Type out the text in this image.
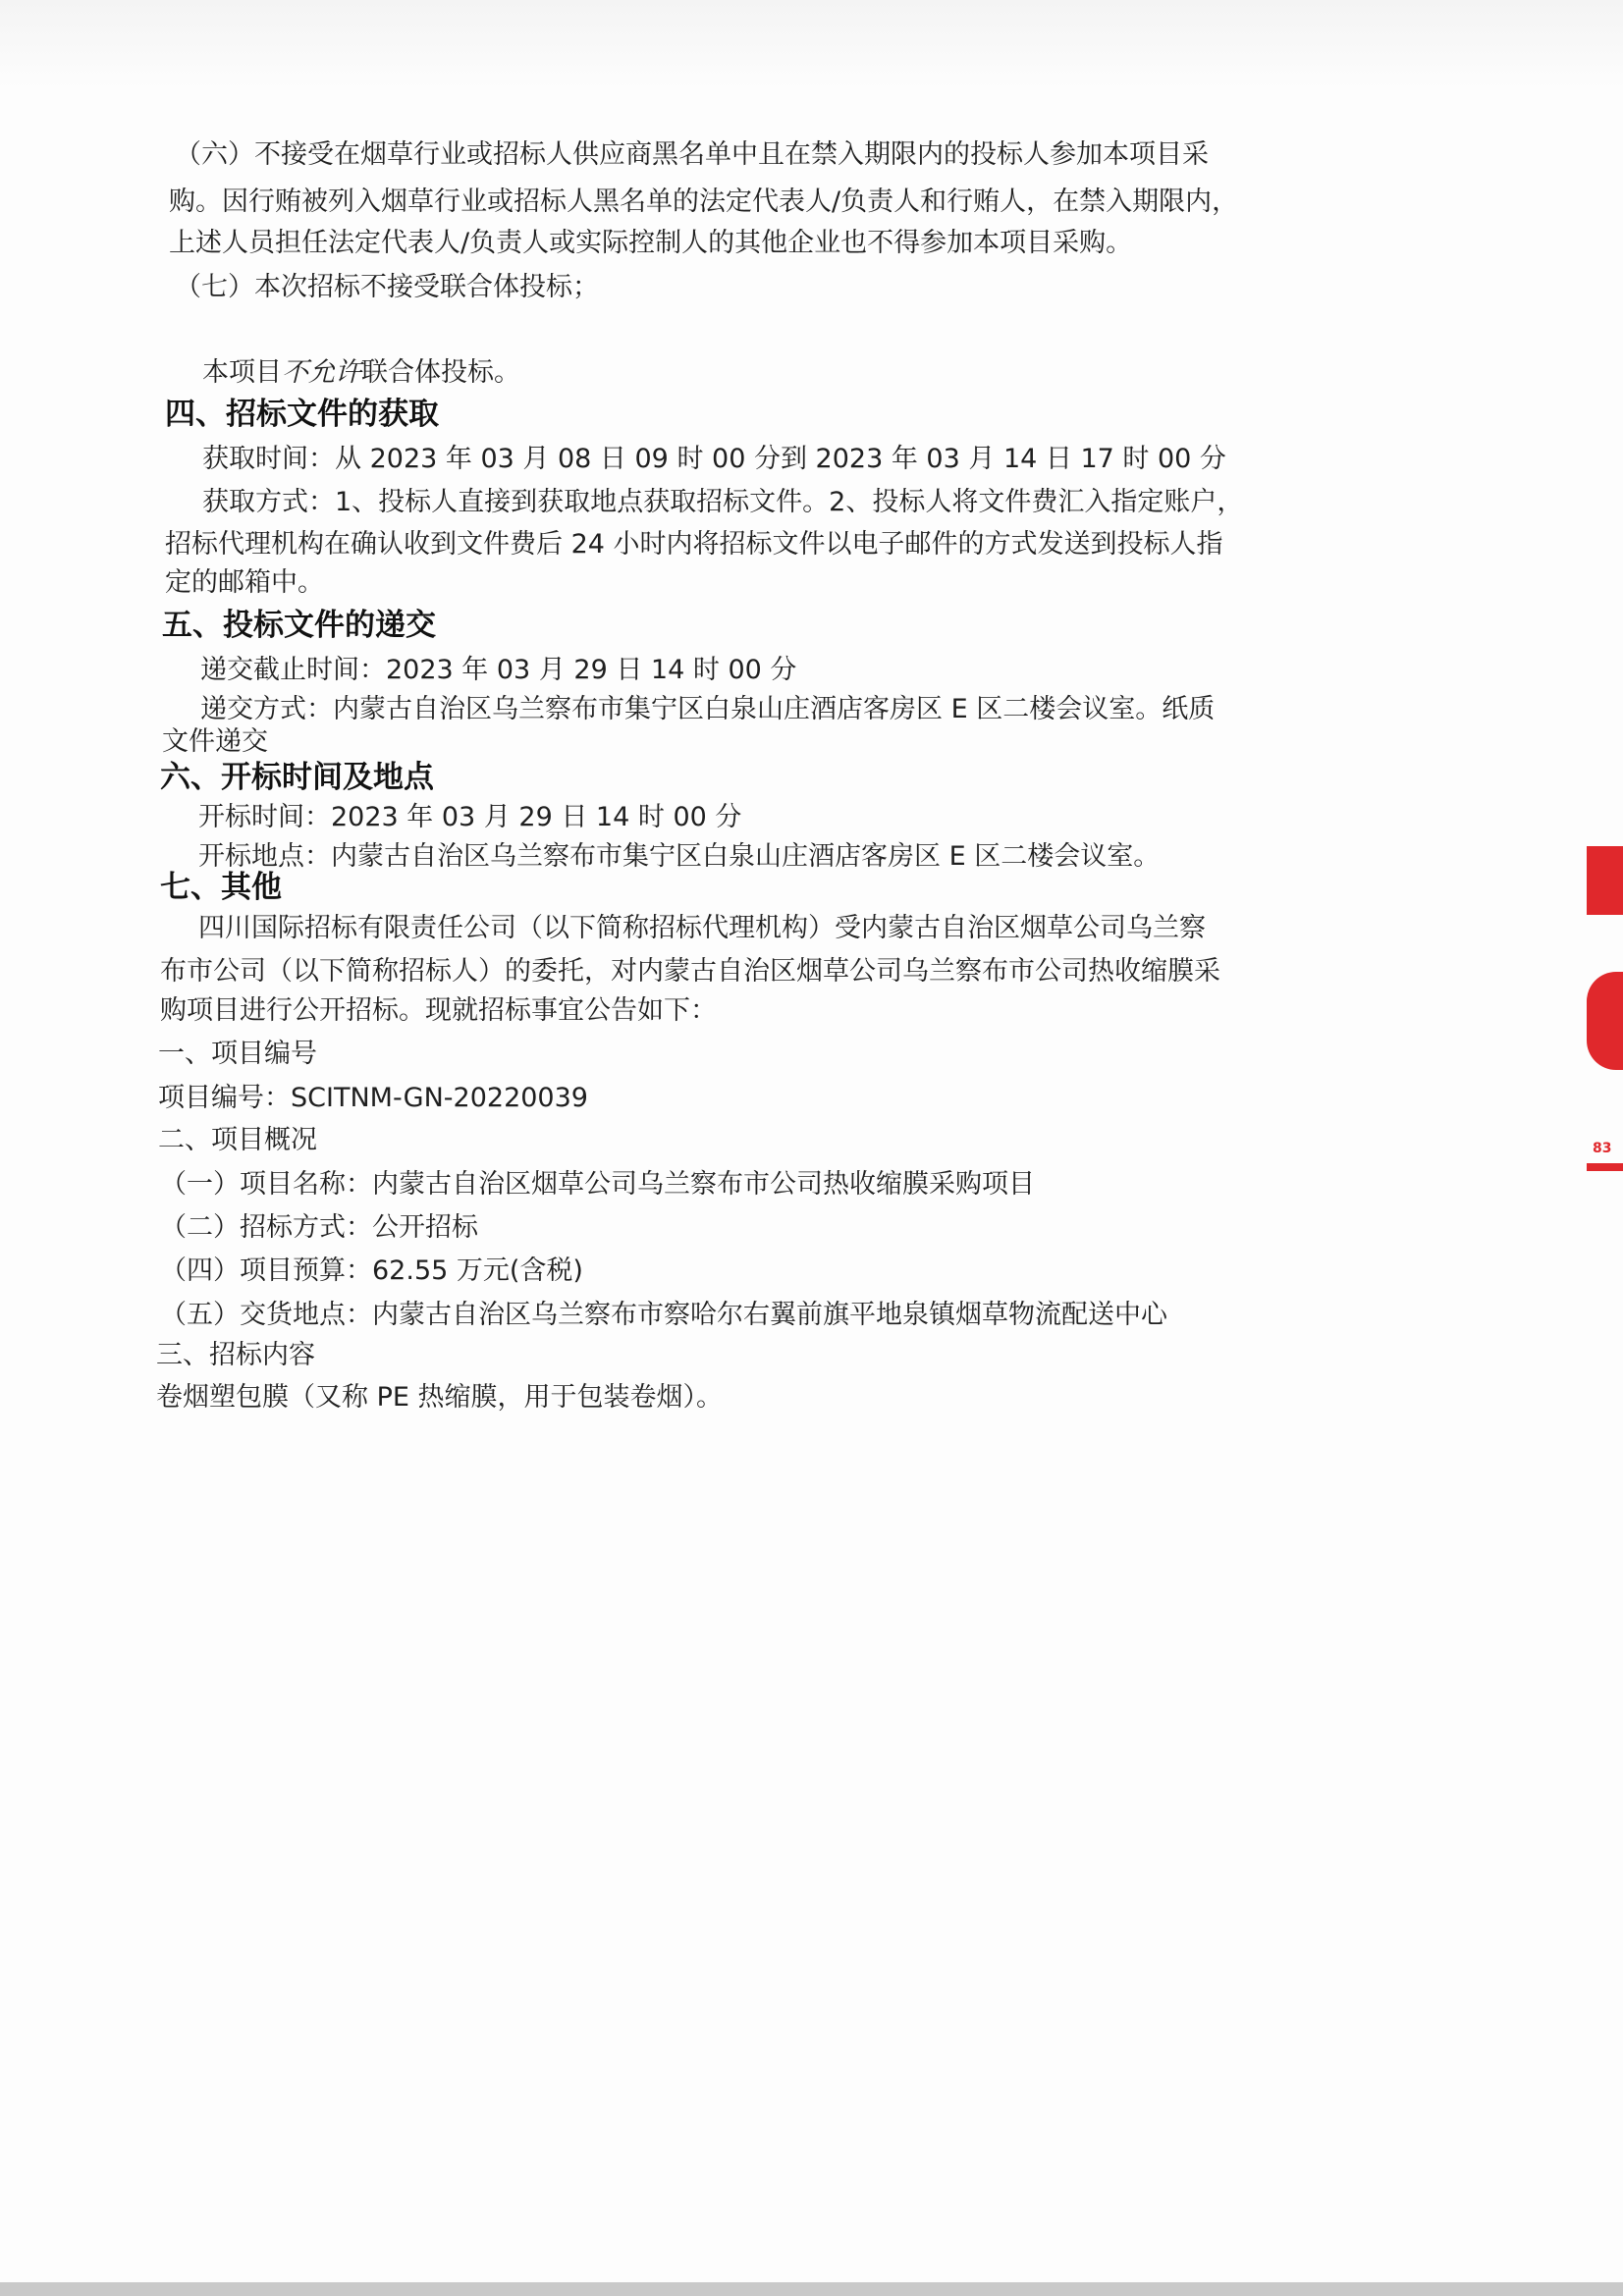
（六）不接受在烟草行业或招标人供应商黑名单中且在禁入期限内的投标人参加本项目采
购。因行贿被列入烟草行业或招标人黑名单的法定代表人/负责人和行贿人，在禁入期限内，
上述人员担任法定代表人/负责人或实际控制人的其他企业也不得参加本项目采购。
（七）本次招标不接受联合体投标；
本项目不允许联合体投标。
四、招标文件的获取
获取时间：从 2023 年 03 月 08 日 09 时 00 分到 2023 年 03 月 14 日 17 时 00 分
获取方式：1、投标人直接到获取地点获取招标文件。2、投标人将文件费汇入指定账户，
招标代理机构在确认收到文件费后 24 小时内将招标文件以电子邮件的方式发送到投标人指
定的邮箱中。
五、投标文件的递交
递交截止时间：2023 年 03 月 29 日 14 时 00 分
递交方式：内蒙古自治区乌兰察布市集宁区白泉山庄酒店客房区 E 区二楼会议室。纸质
文件递交
六、开标时间及地点
开标时间：2023 年 03 月 29 日 14 时 00 分
开标地点：内蒙古自治区乌兰察布市集宁区白泉山庄酒店客房区 E 区二楼会议室。
七、其他
四川国际招标有限责任公司（以下简称招标代理机构）受内蒙古自治区烟草公司乌兰察
布市公司（以下简称招标人）的委托，对内蒙古自治区烟草公司乌兰察布市公司热收缩膜采
购项目进行公开招标。现就招标事宜公告如下：
一、项目编号
项目编号：SCITNM-GN-20220039
二、项目概况
（一）项目名称：内蒙古自治区烟草公司乌兰察布市公司热收缩膜采购项目
（二）招标方式：公开招标
（四）项目预算：62.55 万元(含税)
（五）交货地点：内蒙古自治区乌兰察布市察哈尔右翼前旗平地泉镇烟草物流配送中心
三、招标内容
卷烟塑包膜（又称 PE 热缩膜，用于包装卷烟）。
83
